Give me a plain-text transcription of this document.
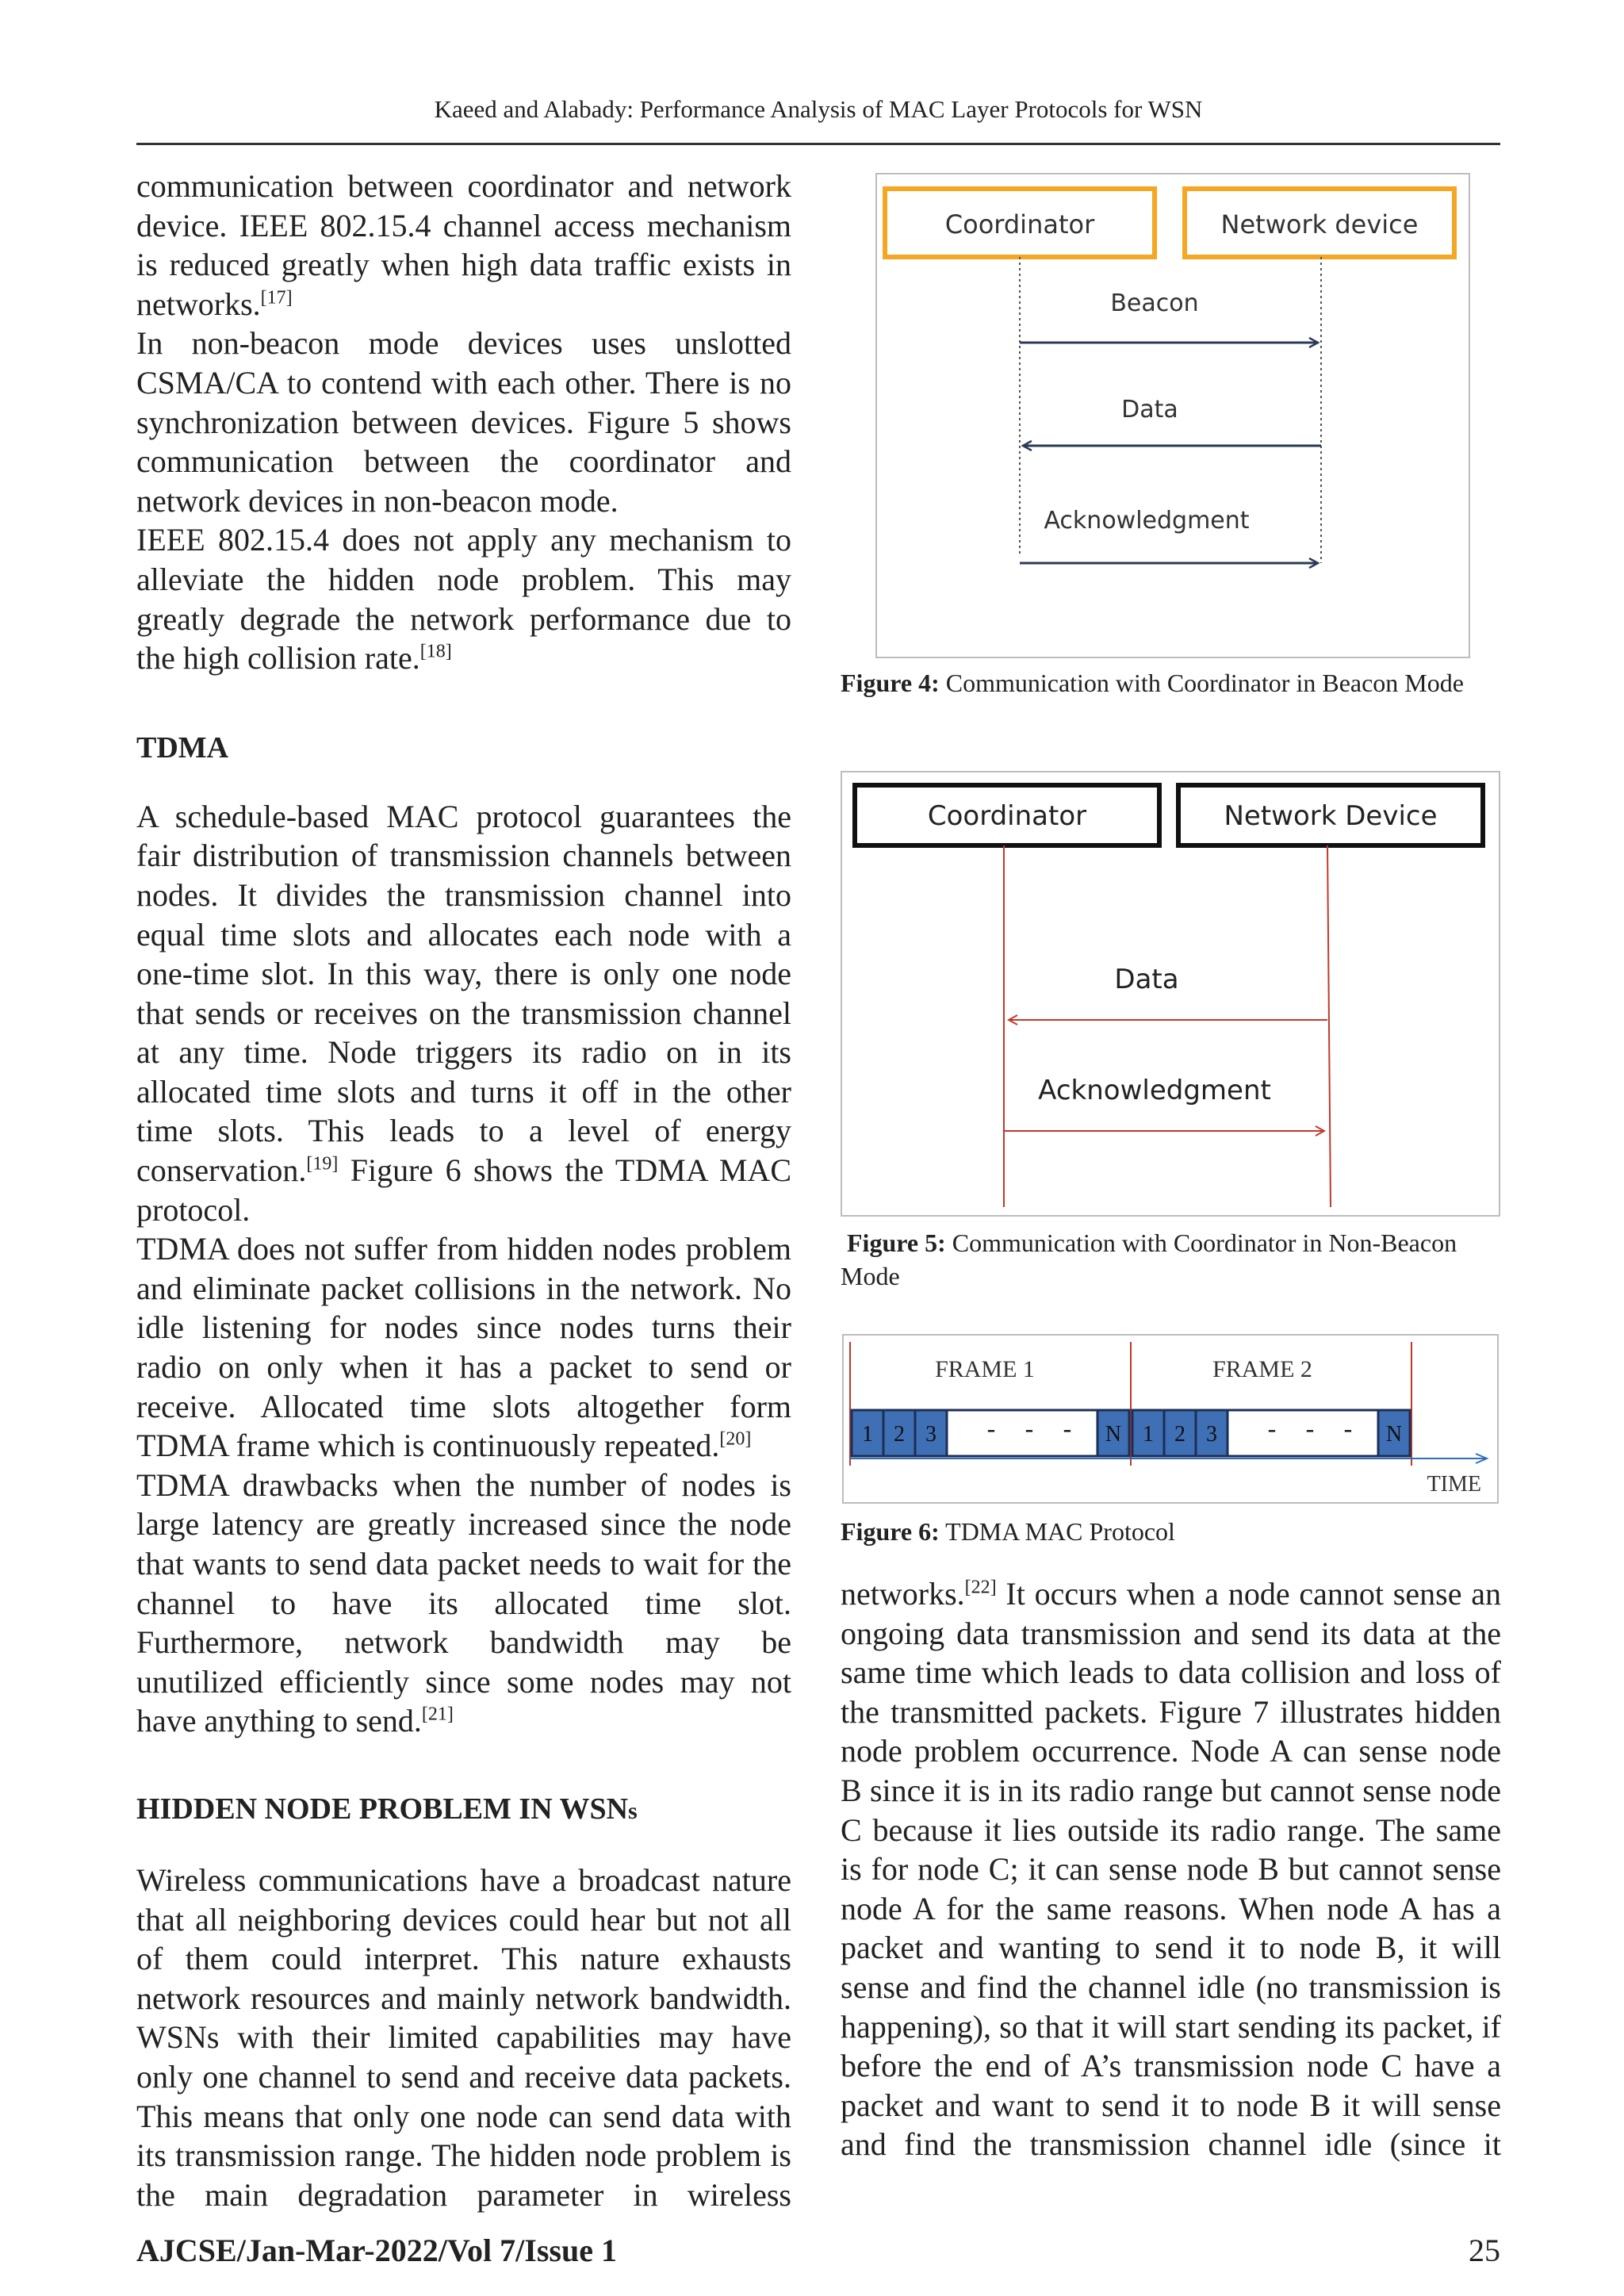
Kaeed and Alabady: Performance Analysis of MAC Layer Protocols for WSN

communication between coordinator and network device. IEEE 802.15.4 channel access mechanism is reduced greatly when high data traffic exists in networks.[17]

In non-beacon mode devices uses unslotted CSMA/CA to contend with each other. There is no synchronization between devices. Figure 5 shows communication between the coordinator and network devices in non-beacon mode.

IEEE 802.15.4 does not apply any mechanism to alleviate the hidden node problem. This may greatly degrade the network performance due to the high collision rate.[18]

TDMA

A schedule-based MAC protocol guarantees the fair distribution of transmission channels between nodes. It divides the transmission channel into equal time slots and allocates each node with a one-time slot. In this way, there is only one node that sends or receives on the transmission channel at any time. Node triggers its radio on in its allocated time slots and turns it off in the other time slots. This leads to a level of energy conservation.[19] Figure 6 shows the TDMA MAC protocol.

TDMA does not suffer from hidden nodes problem and eliminate packet collisions in the network. No idle listening for nodes since nodes turns their radio on only when it has a packet to send or receive. Allocated time slots altogether form TDMA frame which is continuously repeated.[20]

TDMA drawbacks when the number of nodes is large latency are greatly increased since the node that wants to send data packet needs to wait for the channel to have its allocated time slot. Furthermore, network bandwidth may be unutilized efficiently since some nodes may not have anything to send.[21]

HIDDEN NODE PROBLEM IN WSNs

Wireless communications have a broadcast nature that all neighboring devices could hear but not all of them could interpret. This nature exhausts network resources and mainly network bandwidth. WSNs with their limited capabilities may have only one channel to send and receive data packets. This means that only one node can send data with its transmission range. The hidden node problem is the main degradation parameter in wireless

Coordinator	Network device
Beacon
Data
Acknowledgment
Figure 4: Communication with Coordinator in Beacon Mode
Coordinator	Network Device
Data
Acknowledgment
Figure 5: Communication with Coordinator in Non-Beacon Mode
FRAME 1	FRAME 2
1 2 3 - - - N 1 2 3 - - - N
TIME
Figure 6: TDMA MAC Protocol

networks.[22] It occurs when a node cannot sense an ongoing data transmission and send its data at the same time which leads to data collision and loss of the transmitted packets. Figure 7 illustrates hidden node problem occurrence. Node A can sense node B since it is in its radio range but cannot sense node C because it lies outside its radio range. The same is for node C; it can sense node B but cannot sense node A for the same reasons. When node A has a packet and wanting to send it to node B, it will sense and find the channel idle (no transmission is happening), so that it will start sending its packet, if before the end of A’s transmission node C have a packet and want to send it to node B it will sense and find the transmission channel idle (since it

AJCSE/Jan-Mar-2022/Vol 7/Issue 1	25
